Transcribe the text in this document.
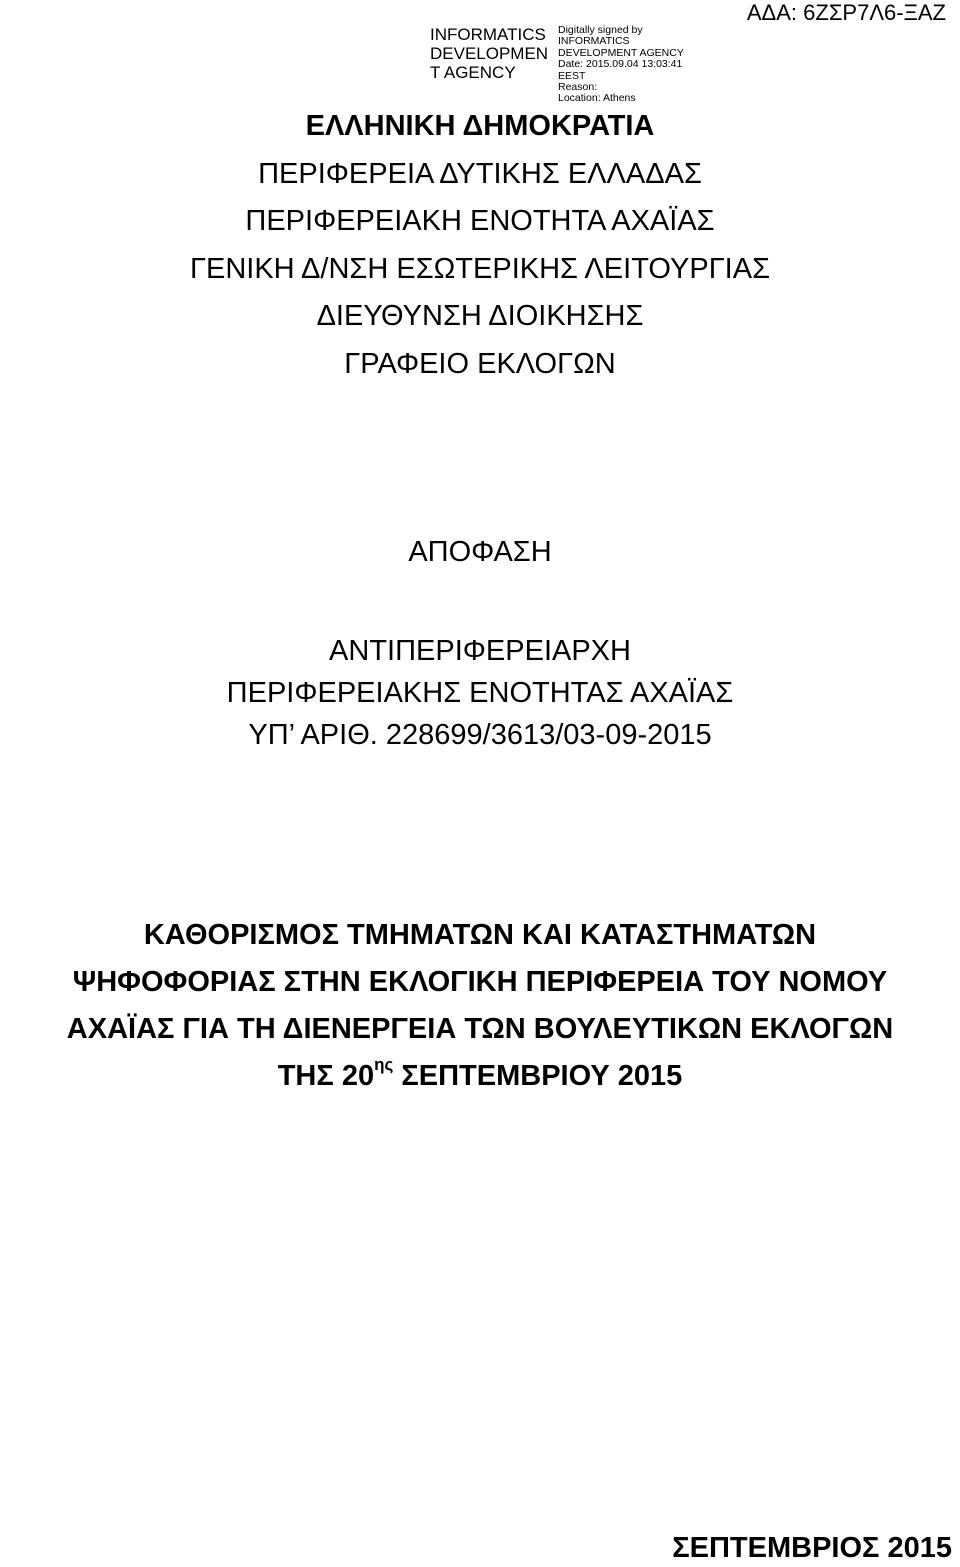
INFORMATICS
DEVELOPMEN
T AGENCY
Digitally signed by
INFORMATICS
DEVELOPMENT AGENCY
Date: 2015.09.04 13:03:41
EEST
Reason:
Location: Athens
ΑΔΑ: 6ΖΣΡ7Λ6-ΞΑΖ
ΕΛΛΗΝΙΚΗ ΔΗΜΟΚΡΑΤΙΑ
ΠΕΡΙΦΕΡΕΙΑ ΔΥΤΙΚΗΣ ΕΛΛΑΔΑΣ
ΠΕΡΙΦΕΡΕΙΑΚΗ ΕΝΟΤΗΤΑ ΑΧΑΪΑΣ
ΓΕΝΙΚΗ Δ/ΝΣΗ ΕΣΩΤΕΡΙΚΗΣ ΛΕΙΤΟΥΡΓΙΑΣ
ΔΙΕΥΘΥΝΣΗ ΔΙΟΙΚΗΣΗΣ
ΓΡΑΦΕΙΟ ΕΚΛΟΓΩΝ
ΑΠΟΦΑΣΗ
ΑΝΤΙΠΕΡΙΦΕΡΕΙΑΡΧΗ
ΠΕΡΙΦΕΡΕΙΑΚΗΣ ΕΝΟΤΗΤΑΣ ΑΧΑΪΑΣ
ΥΠ’ ΑΡΙΘ. 228699/3613/03-09-2015
ΚΑΘΟΡΙΣΜΟΣ ΤΜΗΜΑΤΩΝ ΚΑΙ ΚΑΤΑΣΤΗΜΑΤΩΝ
ΨΗΦΟΦΟΡΙΑΣ ΣΤΗΝ ΕΚΛΟΓΙΚΗ ΠΕΡΙΦΕΡΕΙΑ ΤΟΥ ΝΟΜΟΥ
ΑΧΑΪΑΣ ΓΙΑ ΤΗ ΔΙΕΝΕΡΓΕΙΑ ΤΩΝ ΒΟΥΛΕΥΤΙΚΩΝ ΕΚΛΟΓΩΝ
ΤΗΣ $20^{\eta\varsigma}$ ΣΕΠΤΕΜΒΡΙΟΥ 2015
ΣΕΠΤΕΜΒΡΙΟΣ 2015
